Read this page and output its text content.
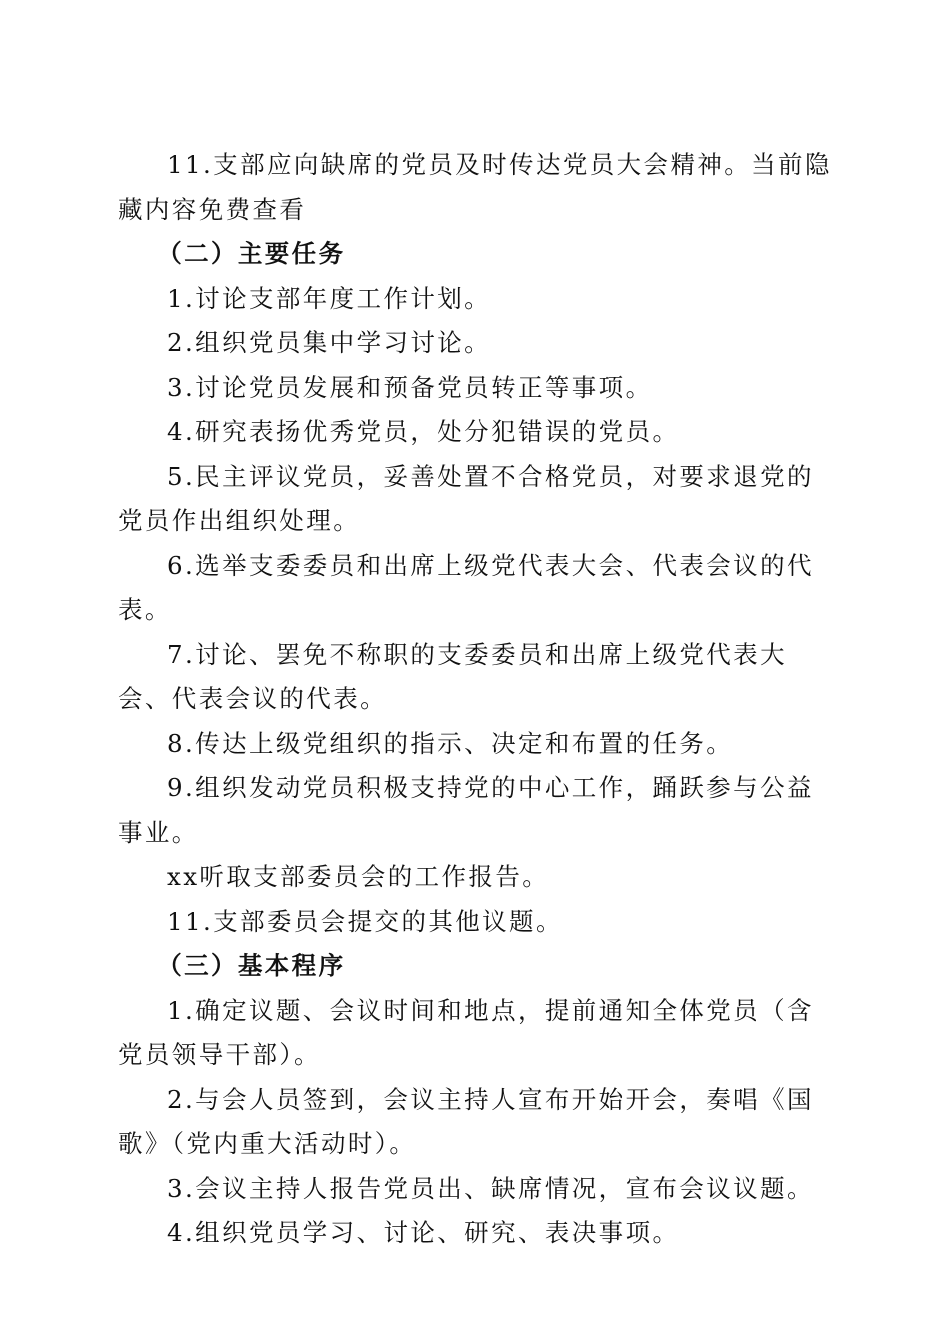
11.支部应向缺席的党员及时传达党员大会精神。当前隐藏内容免费查看

（二）主要任务

1.讨论支部年度工作计划。

2.组织党员集中学习讨论。

3.讨论党员发展和预备党员转正等事项。

4.研究表扬优秀党员，处分犯错误的党员。

5.民主评议党员，妥善处置不合格党员，对要求退党的党员作出组织处理。

6.选举支委委员和出席上级党代表大会、代表会议的代表。

7.讨论、罢免不称职的支委委员和出席上级党代表大会、代表会议的代表。

8.传达上级党组织的指示、决定和布置的任务。

9.组织发动党员积极支持党的中心工作，踊跃参与公益事业。

xx听取支部委员会的工作报告。

11.支部委员会提交的其他议题。

（三）基本程序

1.确定议题、会议时间和地点，提前通知全体党员（含党员领导干部）。

2.与会人员签到，会议主持人宣布开始开会，奏唱《国歌》（党内重大活动时）。

3.会议主持人报告党员出、缺席情况，宣布会议议题。

4.组织党员学习、讨论、研究、表决事项。
